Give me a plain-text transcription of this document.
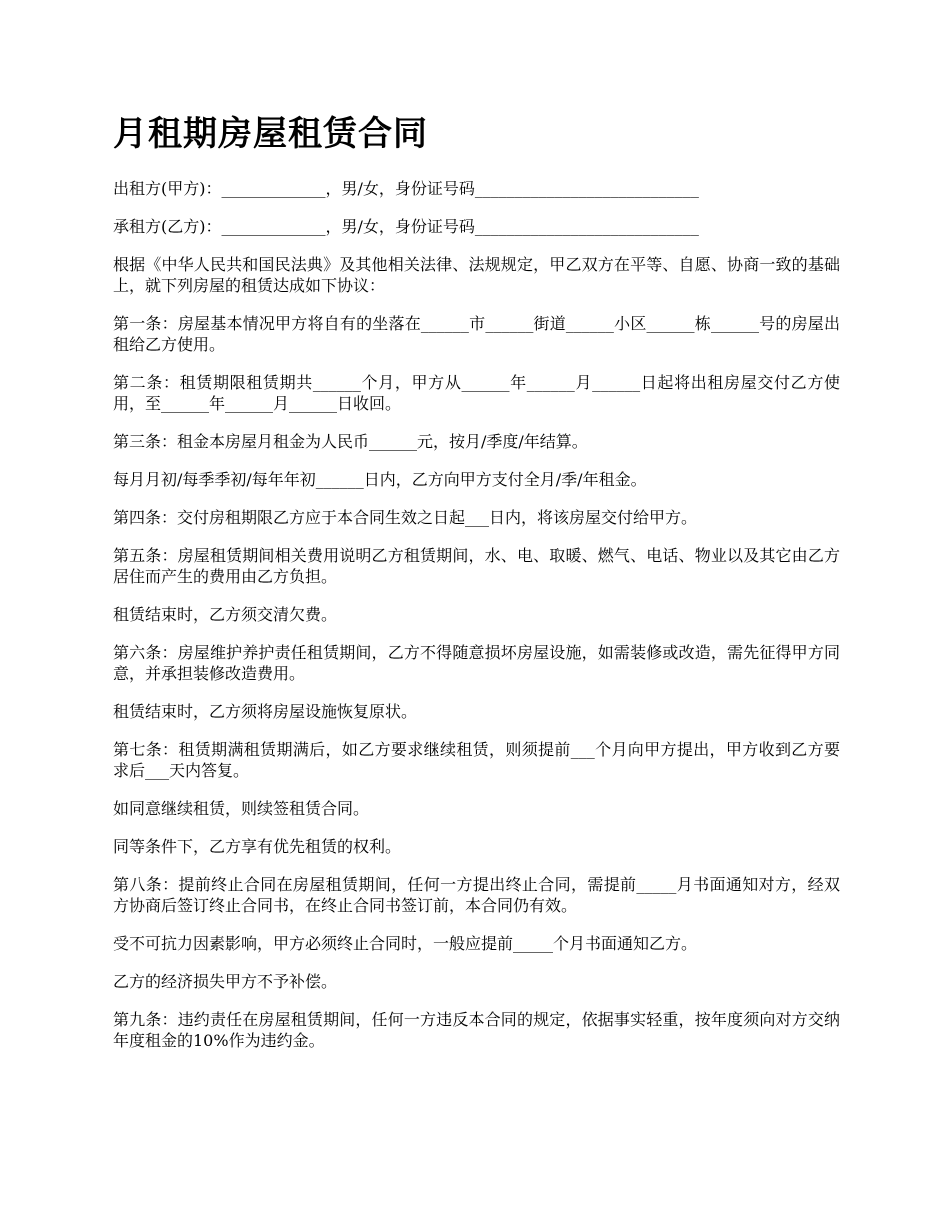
月租期房屋租赁合同

出租方(甲方)：_____________，男/女，身份证号码____________________________

承租方(乙方)：_____________，男/女，身份证号码____________________________

根据《中华人民共和国民法典》及其他相关法律、法规规定，甲乙双方在平等、自愿、协商一致的基础上，就下列房屋的租赁达成如下协议：

第一条：房屋基本情况甲方将自有的坐落在______市______街道______小区______栋______号的房屋出租给乙方使用。

第二条：租赁期限租赁期共______个月，甲方从______年______月______日起将出租房屋交付乙方使用，至______年______月______日收回。

第三条：租金本房屋月租金为人民币______元，按月/季度/年结算。

每月月初/每季季初/每年年初______日内，乙方向甲方支付全月/季/年租金。

第四条：交付房租期限乙方应于本合同生效之日起___日内，将该房屋交付给甲方。

第五条：房屋租赁期间相关费用说明乙方租赁期间，水、电、取暖、燃气、电话、物业以及其它由乙方居住而产生的费用由乙方负担。

租赁结束时，乙方须交清欠费。

第六条：房屋维护养护责任租赁期间，乙方不得随意损坏房屋设施，如需装修或改造，需先征得甲方同意，并承担装修改造费用。

租赁结束时，乙方须将房屋设施恢复原状。

第七条：租赁期满租赁期满后，如乙方要求继续租赁，则须提前___个月向甲方提出，甲方收到乙方要求后___天内答复。

如同意继续租赁，则续签租赁合同。

同等条件下，乙方享有优先租赁的权利。

第八条：提前终止合同在房屋租赁期间，任何一方提出终止合同，需提前_____月书面通知对方，经双方协商后签订终止合同书，在终止合同书签订前，本合同仍有效。

受不可抗力因素影响，甲方必须终止合同时，一般应提前_____个月书面通知乙方。

乙方的经济损失甲方不予补偿。

第九条：违约责任在房屋租赁期间，任何一方违反本合同的规定，依据事实轻重，按年度须向对方交纳年度租金的10%作为违约金。
